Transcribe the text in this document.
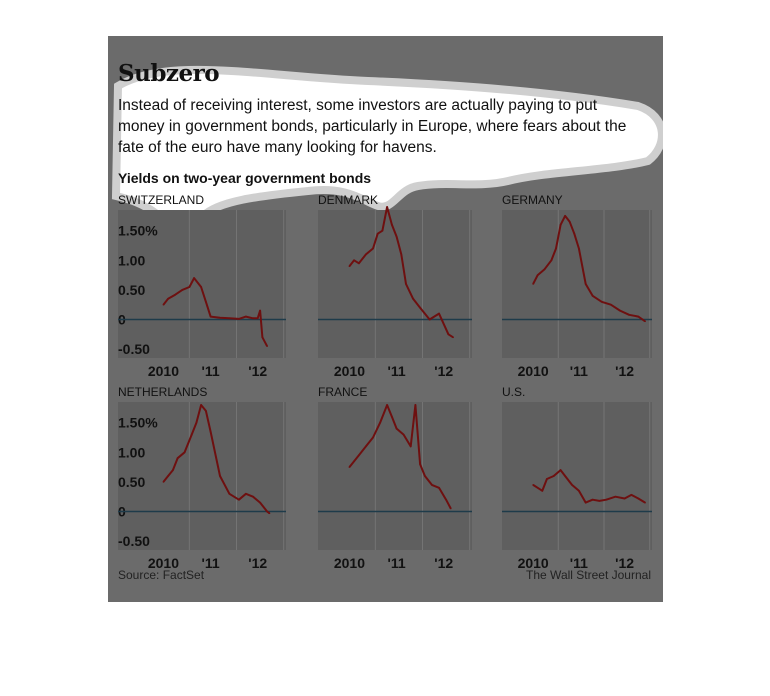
Subzero
Instead of receiving interest, some investors are actually paying to put money in government bonds, particularly in Europe, where fears about the fate of the euro have many looking for havens.
Yields on two-year government bonds
SWITZERLAND
1.50%
1.00
0.50
0
-0.50
2010 '11 '12
DENMARK
2010 '11 '12
GERMANY
2010 '11 '12
NETHERLANDS
1.50%
1.00
0.50
0
-0.50
2010 '11 '12
FRANCE
2010 '11 '12
U.S.
2010 '11 '12
Source: FactSet	The Wall Street Journal
